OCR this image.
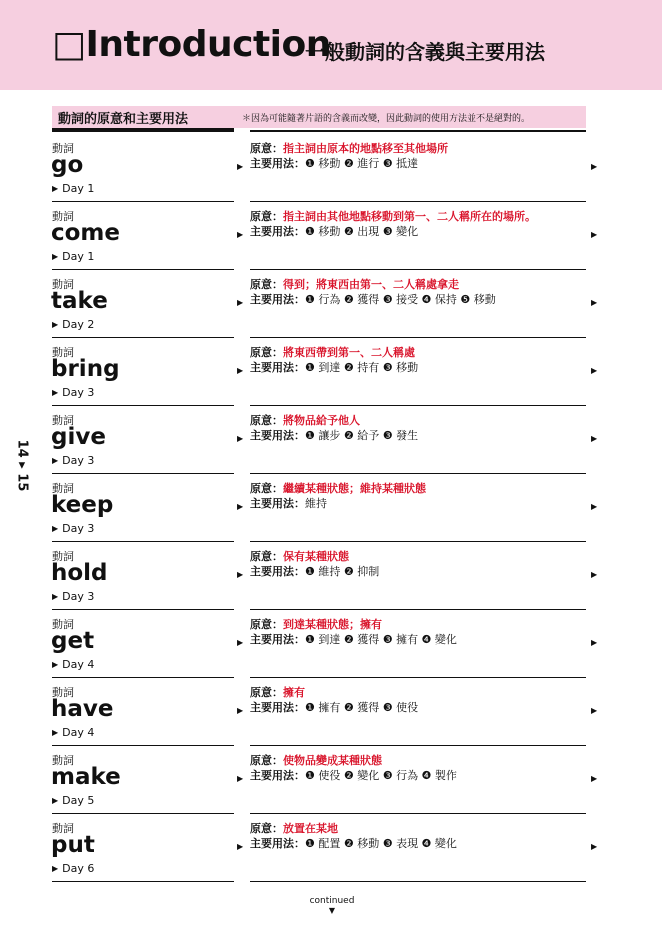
□Introduction
一般動詞的含義與主要用法
動詞的原意和主要用法	＊因為可能隨著片語的含義而改變，因此動詞的使用方法並不是絕對的。
14 ▸ 15
動詞
go
▶ Day 1
▶
原意：指主詞由原本的地點移至其他場所
主要用法：❶ 移動 ❷ 進行 ❸ 抵達	▶
動詞
come
▶ Day 1
▶
原意：指主詞由其他地點移動到第一、二人稱所在的場所。
主要用法：❶ 移動 ❷ 出現 ❸ 變化	▶
動詞
take
▶ Day 2
▶
原意：得到；將東西由第一、二人稱處拿走
主要用法：❶ 行為 ❷ 獲得 ❸ 接受 ❹ 保持 ❺ 移動	▶
動詞
bring
▶ Day 3
▶
原意：將東西帶到第一、二人稱處
主要用法：❶ 到達 ❷ 持有 ❸ 移動	▶
動詞
give
▶ Day 3
▶
原意：將物品給予他人
主要用法：❶ 讓步 ❷ 給予 ❸ 發生	▶
動詞
keep
▶ Day 3
▶
原意：繼續某種狀態；維持某種狀態
主要用法：維持	▶
動詞
hold
▶ Day 3
▶
原意：保有某種狀態
主要用法：❶ 維持 ❷ 抑制	▶
動詞
get
▶ Day 4
▶
原意：到達某種狀態；擁有
主要用法：❶ 到達 ❷ 獲得 ❸ 擁有 ❹ 變化	▶
動詞
have
▶ Day 4
▶
原意：擁有
主要用法：❶ 擁有 ❷ 獲得 ❸ 使役	▶
動詞
make
▶ Day 5
▶
原意：使物品變成某種狀態
主要用法：❶ 使役 ❷ 變化 ❸ 行為 ❹ 製作	▶
動詞
put
▶ Day 6
▶
原意：放置在某地
主要用法：❶ 配置 ❷ 移動 ❸ 表現 ❹ 變化	▶
continued
▼
